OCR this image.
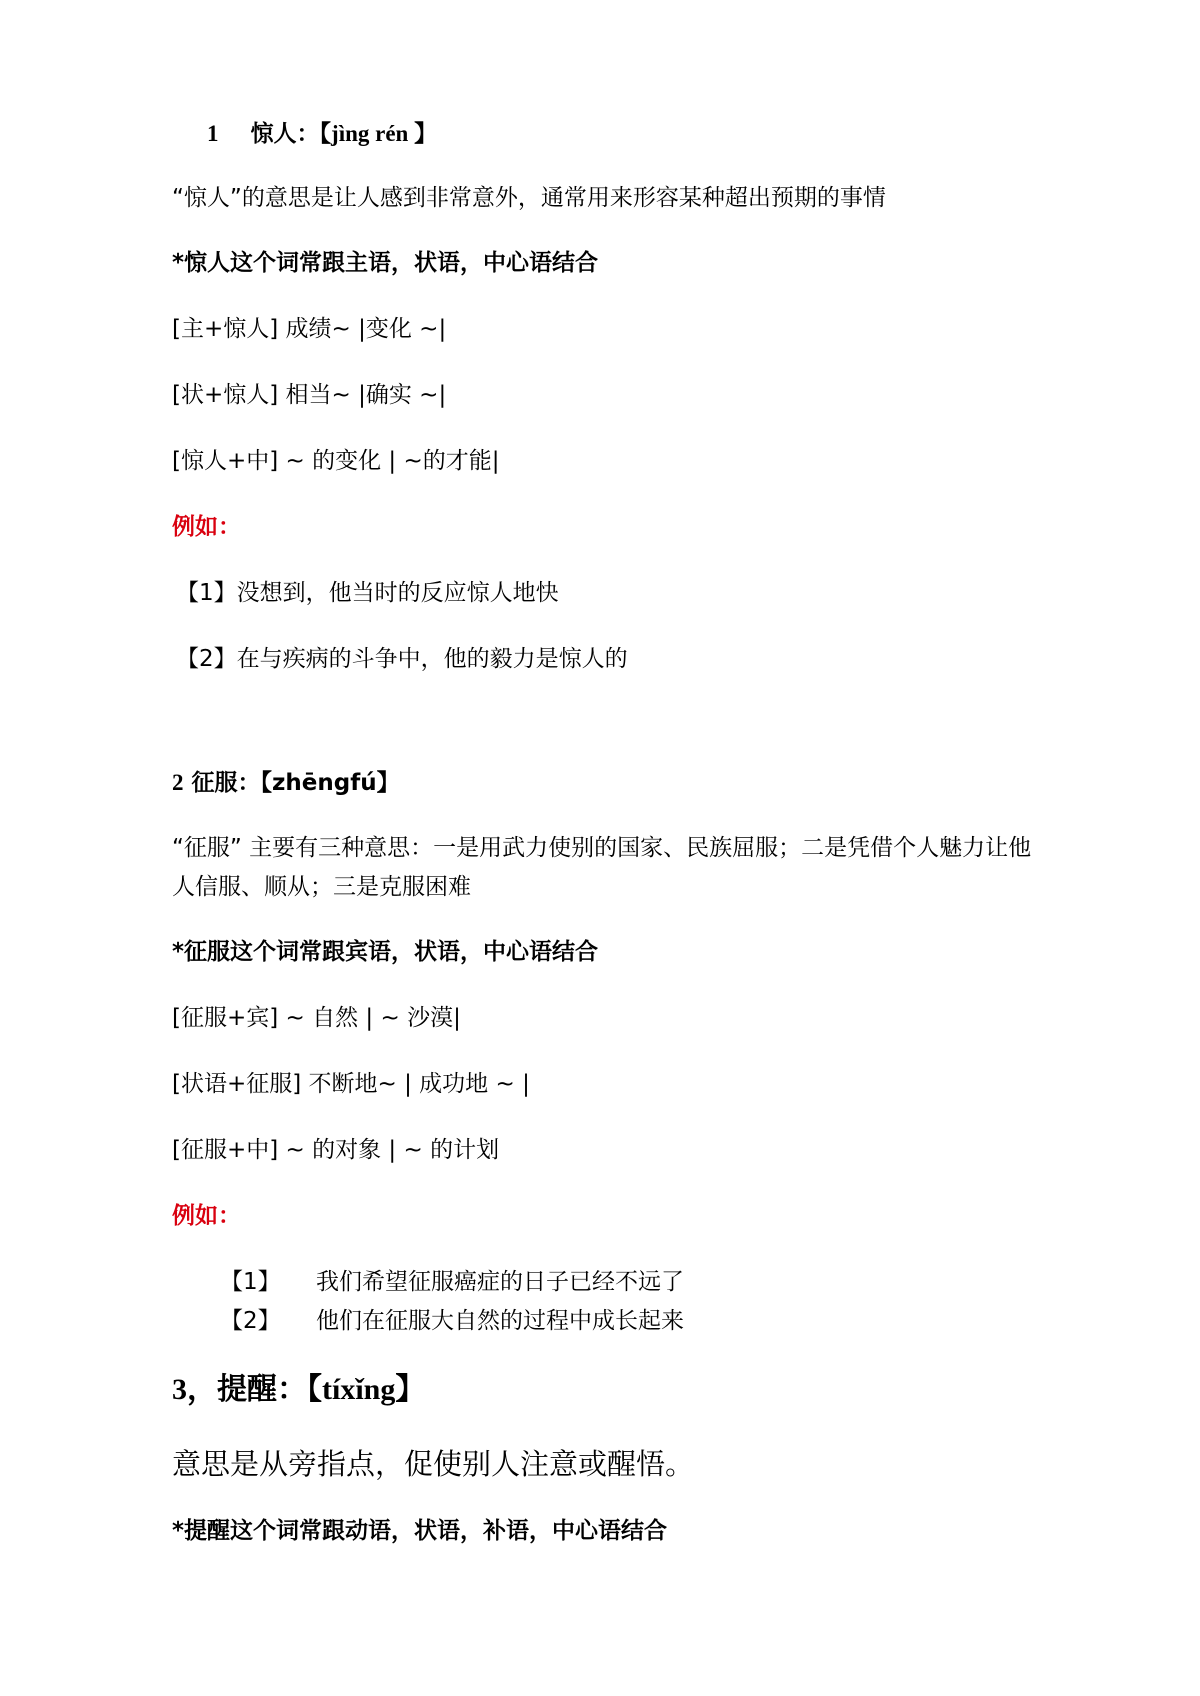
1 惊人：【jìng rén 】
“惊人”的意思是让人感到非常意外，通常用来形容某种超出预期的事情
*惊人这个词常跟主语，状语，中心语结合
[主+惊人] 成绩~ |变化 ~|
[状+惊人] 相当~ |确实 ~|
[惊人+中] ~ 的变化 | ~的才能|
例如：
【1】没想到，他当时的反应惊人地快
【2】在与疾病的斗争中，他的毅力是惊人的
2 征服：【zhēngfú】
“征服” 主要有三种意思：一是用武力使别的国家、民族屈服；二是凭借个人魅力让他
人信服、顺从；三是克服困难
*征服这个词常跟宾语，状语，中心语结合
[征服+宾] ~ 自然 | ~ 沙漠|
[状语+征服] 不断地~ | 成功地 ~ |
[征服+中] ~ 的对象 | ~ 的计划
例如：
【1】 我们希望征服癌症的日子已经不远了
【2】 他们在征服大自然的过程中成长起来
3，提醒：【tíxǐng】
意思是从旁指点，促使别人注意或醒悟。
*提醒这个词常跟动语，状语，补语，中心语结合
